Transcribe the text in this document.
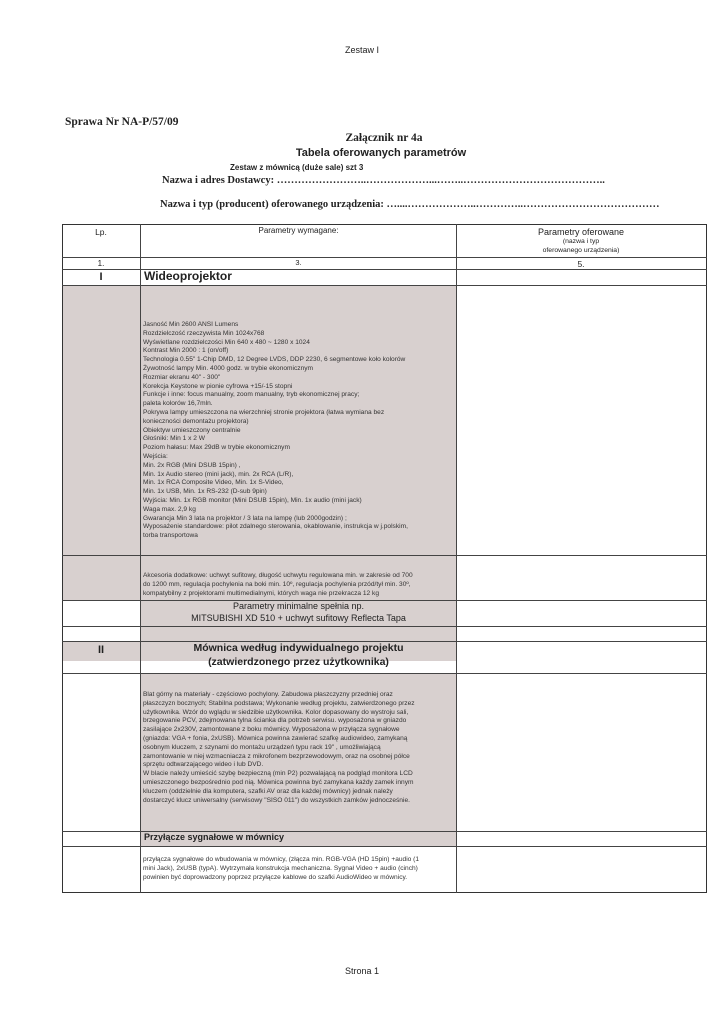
Zestaw I
Sprawa Nr NA-P/57/09
Załącznik nr 4a
Tabela oferowanych parametrów
Zestaw z mównicą (duże sale) szt 3
Nazwa i adres Dostawcy: ……………………..………………...……..…………………………………..
Nazwa i typ (producent) oferowanego urządzenia: …....………………..…………..…………………………………
Lp.	Parametry wymagane:	Parametry oferowane
(nazwa i typ
oferowanego urządzenia)
1.	3.	5.
I	Wideoprojektor
Jasność Min 2600 ANSI Lumens
Rozdzielczość rzeczywista Min 1024x768
Wyświetlane rozdzielczości Min 640 x 480 ~ 1280 x 1024
Kontrast Min 2000 : 1 (on/off)
Technologia 0.55" 1-Chip DMD, 12 Degree LVDS, DDP 2230, 6 segmentowe koło kolorów
Żywotność lampy Min. 4000 godz. w trybie ekonomicznym
Rozmiar ekranu 40" - 300"
Korekcja Keystone w pionie cyfrowa +15/-15 stopni
Funkcje i inne: focus manualny, zoom manualny, tryb ekonomicznej pracy;
paleta kolorów 16,7mln.
Pokrywa lampy umieszczona na wierzchniej stronie projektora (łatwa wymiana bez
konieczności demontażu projektora)
Obiektyw umieszczony centralnie
Głośniki: Min 1 x 2 W
Poziom hałasu: Max 29dB w trybie ekonomicznym
Wejścia:
Min. 2x RGB (Mini DSUB 15pin) ,
Min. 1x Audio stereo (mini jack), min. 2x RCA (L/R),
Min. 1x RCA Composite Video, Min. 1x S-Video,
Min. 1x USB, Min. 1x RS-232 (D-sub 9pin)
Wyjścia: Min. 1x RGB monitor (Mini DSUB 15pin), Min. 1x audio (mini jack)
Waga max. 2,9 kg
Gwarancja Min 3 lata na projektor / 3 lata na lampę (lub 2000godzin) ;
Wyposażenie standardowe: pilot zdalnego sterowania, okablowanie, instrukcja w j.polskim,
torba transportowa
Akcesoria dodatkowe: uchwyt sufitowy, długość uchwytu regulowana min. w zakresie od 700
do 1200 mm, regulacja pochylenia na boki min. 10º, regulacja pochylenia przód/tył min. 30º,
kompatybilny z projektorami multimedialnymi, których waga nie przekracza 12 kg
Parametry minimalne spełnia np.
MITSUBISHI XD 510 + uchwyt sufitowy Reflecta Tapa
II	Mównica według indywidualnego projektu
(zatwierdzonego przez użytkownika)
Blat górny na materiały - częściowo pochylony. Zabudowa płaszczyzny przedniej oraz
płaszczyzn bocznych; Stabilna podstawa; Wykonanie według projektu, zatwierdzonego przez
użytkownika. Wzór do wglądu w siedzibie użytkownika. Kolor dopasowany do wystroju sali,
brzegowanie PCV, zdejmowana tylna ścianka dla potrzeb serwisu. wyposażona w gniazdo
zasilające 2x230V, zamontowane z boku mównicy. Wyposażona w przyłącza sygnałowe
(gniazda: VGA + fonia, 2xUSB). Mównica powinna zawierać szafkę audiowideo, zamykaną
osobnym kluczem, z szynami do montażu urządzeń typu rack 19" , umożliwiającą
zamontowanie w niej wzmacniacza z mikrofonem bezprzewodowym, oraz na osobnej półce
sprzętu odtwarzającego wideo i lub DVD.
W blacie należy umieścić szybę bezpieczną (min P2) pozwalającą na podgląd monitora LCD
umieszczonego bezpośrednio pod nią. Mównica powinna być zamykana każdy zamek innym
kluczem (oddzielnie dla komputera, szafki AV oraz dla każdej mównicy) jednak należy
dostarczyć klucz uniwersalny (serwisowy "SISO 011") do wszystkich zamków jednocześnie.
Przyłącze sygnałowe w mównicy
przyłącza sygnałowe do wbudowania w mównicy, (złącza min. RGB-VGA (HD 15pin) +audio (1
mini Jack), 2xUSB (typA). Wytrzymała konstrukcja mechaniczna. Sygnał Video + audio (cinch)
powinien być doprowadzony poprzez przyłącze kablowe do szafki AudioWideo w mównicy.
Strona 1
